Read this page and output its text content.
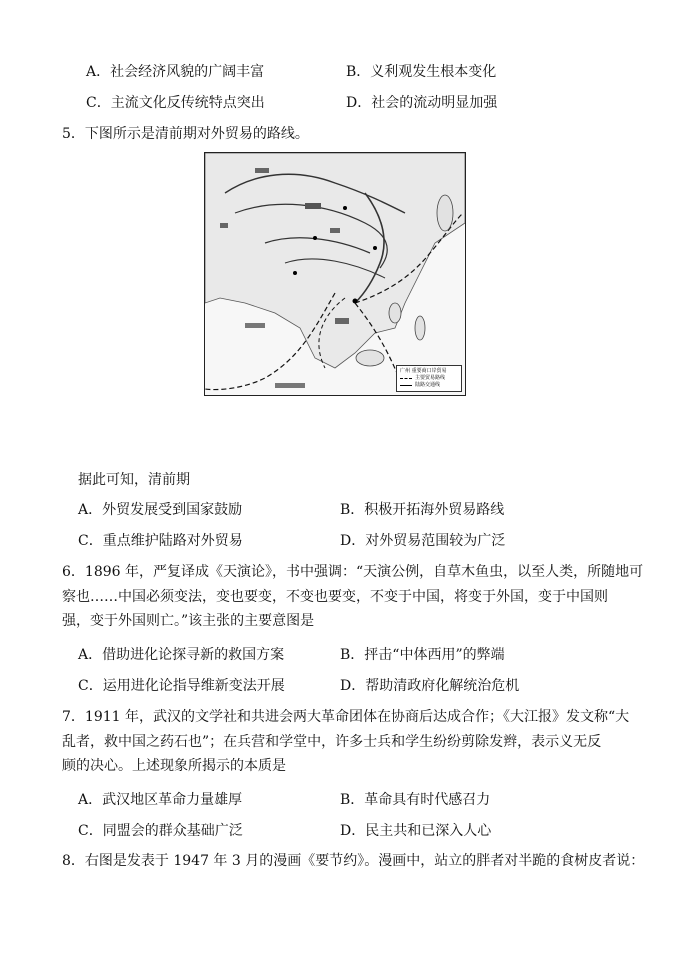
A．社会经济风貌的广阔丰富	B．义利观发生根本变化
C．主流文化反传统特点突出	D．社会的流动明显加强
5．下图所示是清前期对外贸易的路线。
广州 重要商口岸贸易
主要贸易路线
陆路交通线
据此可知，清前期
A．外贸发展受到国家鼓励	B．积极开拓海外贸易路线
C．重点维护陆路对外贸易	D．对外贸易范围较为广泛
6．1896 年，严复译成《天演论》，书中强调：“天演公例，自草木鱼虫，以至人类，所随地可
察也……中国必须变法，变也要变，不变也要变，不变于中国，将变于外国，变于中国则
强，变于外国则亡。”该主张的主要意图是
A．借助进化论探寻新的救国方案	B．抨击“中体西用”的弊端
C．运用进化论指导维新变法开展	D．帮助清政府化解统治危机
7．1911 年，武汉的文学社和共进会两大革命团体在协商后达成合作；《大江报》发文称“大
乱者，救中国之药石也”；在兵营和学堂中，许多士兵和学生纷纷剪除发辫，表示义无反
顾的决心。上述现象所揭示的本质是
A．武汉地区革命力量雄厚	B．革命具有时代感召力
C．同盟会的群众基础广泛	D．民主共和已深入人心
8．右图是发表于 1947 年 3 月的漫画《要节约》。漫画中，站立的胖者对半跪的食树皮者说：
